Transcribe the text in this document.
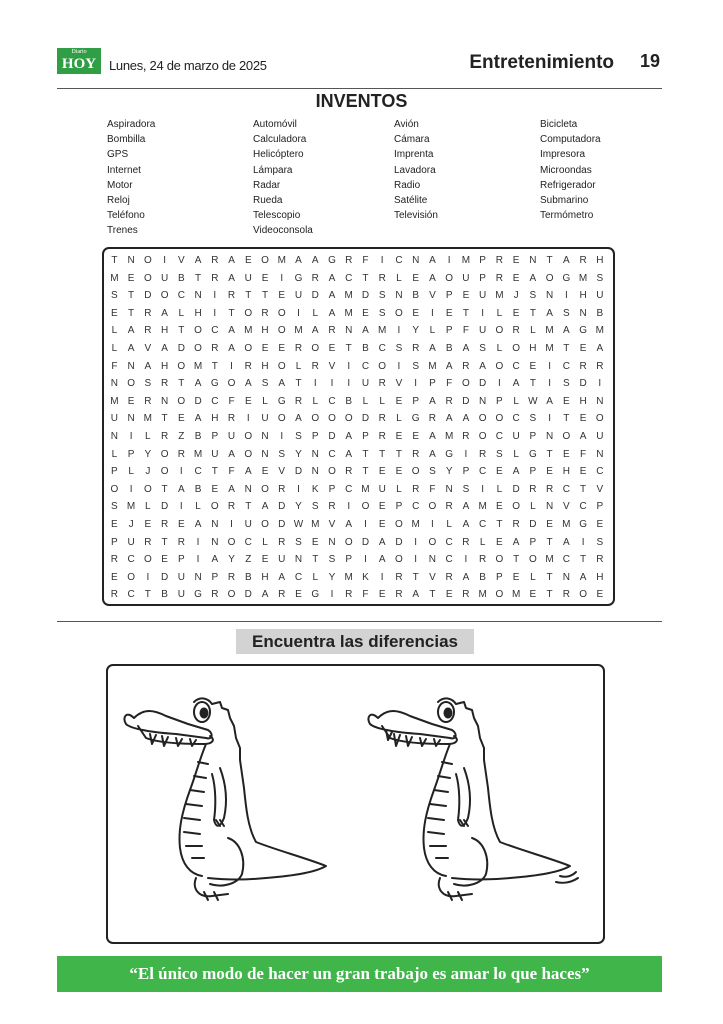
Diario
HOY Lunes, 24 de marzo de 2025	Entretenimiento 19
INVENTOS
Aspiradora
Bombilla
GPS
Internet
Motor
Reloj
Teléfono
Trenes
Automóvil
Calculadora
Helicóptero
Lámpara
Radar
Rueda
Telescopio
Videoconsola
Avión
Cámara
Imprenta
Lavadora
Radio
Satélite
Televisión
Bicicleta
Computadora
Impresora
Microondas
Refrigerador
Submarino
Termómetro
T	N O	I	V	A R A	E O M A	A G R	F	I	C N A	I	M P R E N	T	A R H
M E O U B	T	R A U E	I	G R A C	T	R	L	E	A O U P R E	A O G M S
S	T	D O C N	I	R	T	T	E U D A M D S N B	V	P	E U M	J	S N	I	H U
E	T	R A	L	H	I	T O R O	I	L	A M E	S O E	I	E	T	I	L	E	T	A	S N B
L	A R H	T O C A M H O M A R N A M	I	Y	L	P	F	U O R	L M A G M
L	A	V	A D O R A O E	E R O E	T	B C S R A	B	A	S	L	O H M T	E	A
F	N A H O M T	I	R H O	L	R V	I	C O	I	S M A R A O C E	I	C R R
N O S R	T	A G O A	S	A	T	I	I	I	U R V	I	P	F O D	I	A	T	I	S D	I
M E R N O D C	F	E	L	G R	L	C B	L	L	E	P	A R D N P	L W A	E H N
U N M T	E	A H R	I	U O A O O O D R	L	G R A	A O O C S	I	T	E O
N	I	L	R	Z	B	P U O N	I	S	P D A	P R E	E	A M R O C U P N O A U
L	P	Y O R M U A O N S	Y N C A	T	T	T	R A G	I	R S	L	G T	E	F	N
P	L	J	O	I	C	T	F	A	E	V D N O R	T	E	E O S	Y	P C E	A	P	E H E C
O	I	O T	A	B	E	A N O R	I	K	P C M U	L	R	F	N S	I	L	D R R C	T	V
S M L	D	I	L	O R	T	A D Y	S R	I	O E	P C O R A M E O	L	N V C P
E	J	E R E	A N	I	U O D W M V	A	I	E O M	I	L	A C	T	R D E M G E
P U R	T	R	I	N O C	L	R S	E N O D A D	I	O C R	L	E	A	P	T	A	I	S
R C O E	P	I	A	Y	Z	E U N	T	S	P	I	A O	I	N C	I	R O T O M C	T	R
E O	I	D U N P R B H A C	L	Y M K	I	R	T	V R A	B	P	E	L	T	N A H
R C	T	B U G R O D A R E G	I	R	F	E R A	T	E R M O M E	T	R O E
Encuentra las diferencias
“El único modo de hacer un gran trabajo es amar lo que haces”
